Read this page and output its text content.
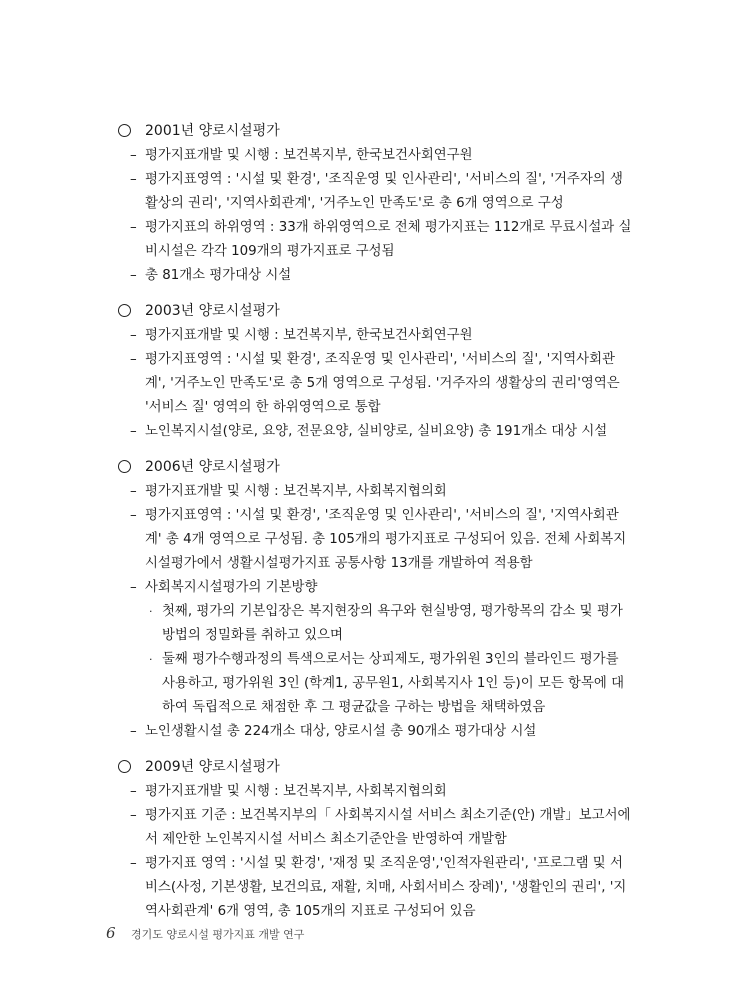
2001년 양로시설평가
– 평가지표개발 및 시행 : 보건복지부, 한국보건사회연구원
– 평가지표영역 : '시설 및 환경', '조직운영 및 인사관리', '서비스의 질', '거주자의 생활상의 권리', '지역사회관계', '거주노인 만족도'로 총 6개 영역으로 구성
– 평가지표의 하위영역 : 33개 하위영역으로 전체 평가지표는 112개로 무료시설과 실비시설은 각각 109개의 평가지표로 구성됨
– 총 81개소 평가대상 시설
2003년 양로시설평가
– 평가지표개발 및 시행 : 보건복지부, 한국보건사회연구원
– 평가지표영역 : '시설 및 환경', 조직운영 및 인사관리', '서비스의 질', '지역사회관계', '거주노인 만족도'로 총 5개 영역으로 구성됨. '거주자의 생활상의 권리'영역은 '서비스 질' 영역의 한 하위영역으로 통합
– 노인복지시설(양로, 요양, 전문요양, 실비양로, 실비요양) 총 191개소 대상 시설
2006년 양로시설평가
– 평가지표개발 및 시행 : 보건복지부, 사회복지협의회
– 평가지표영역 : '시설 및 환경', '조직운영 및 인사관리', '서비스의 질', '지역사회관계' 총 4개 영역으로 구성됨. 총 105개의 평가지표로 구성되어 있음. 전체 사회복지시설평가에서 생활시설평가지표 공통사항 13개를 개발하여 적용함
– 사회복지시설평가의 기본방향
· 첫째, 평가의 기본입장은 복지현장의 욕구와 현실방영, 평가항목의 감소 및 평가방법의 정밀화를 취하고 있으며
· 둘째 평가수행과정의 특색으로서는 상피제도, 평가위원 3인의 블라인드 평가를 사용하고, 평가위원 3인 (학계1, 공무원1, 사회복지사 1인 등)이 모든 항목에 대하여 독립적으로 채점한 후 그 평균값을 구하는 방법을 채택하였음
– 노인생활시설 총 224개소 대상, 양로시설 총 90개소 평가대상 시설
2009년 양로시설평가
– 평가지표개발 및 시행 : 보건복지부, 사회복지협의회
– 평가지표 기준 : 보건복지부의「 사회복지시설 서비스 최소기준(안) 개발」보고서에서 제안한 노인복지시설 서비스 최소기준안을 반영하여 개발함
– 평가지표 영역 : '시설 및 환경', '재정 및 조직운영','인적자원관리', '프로그램 및 서비스(사정, 기본생활, 보건의료, 재활, 치매, 사회서비스 장례)', '생활인의 권리', '지역사회관계' 6개 영역, 총 105개의 지표로 구성되어 있음
6 경기도 양로시설 평가지표 개발 연구
